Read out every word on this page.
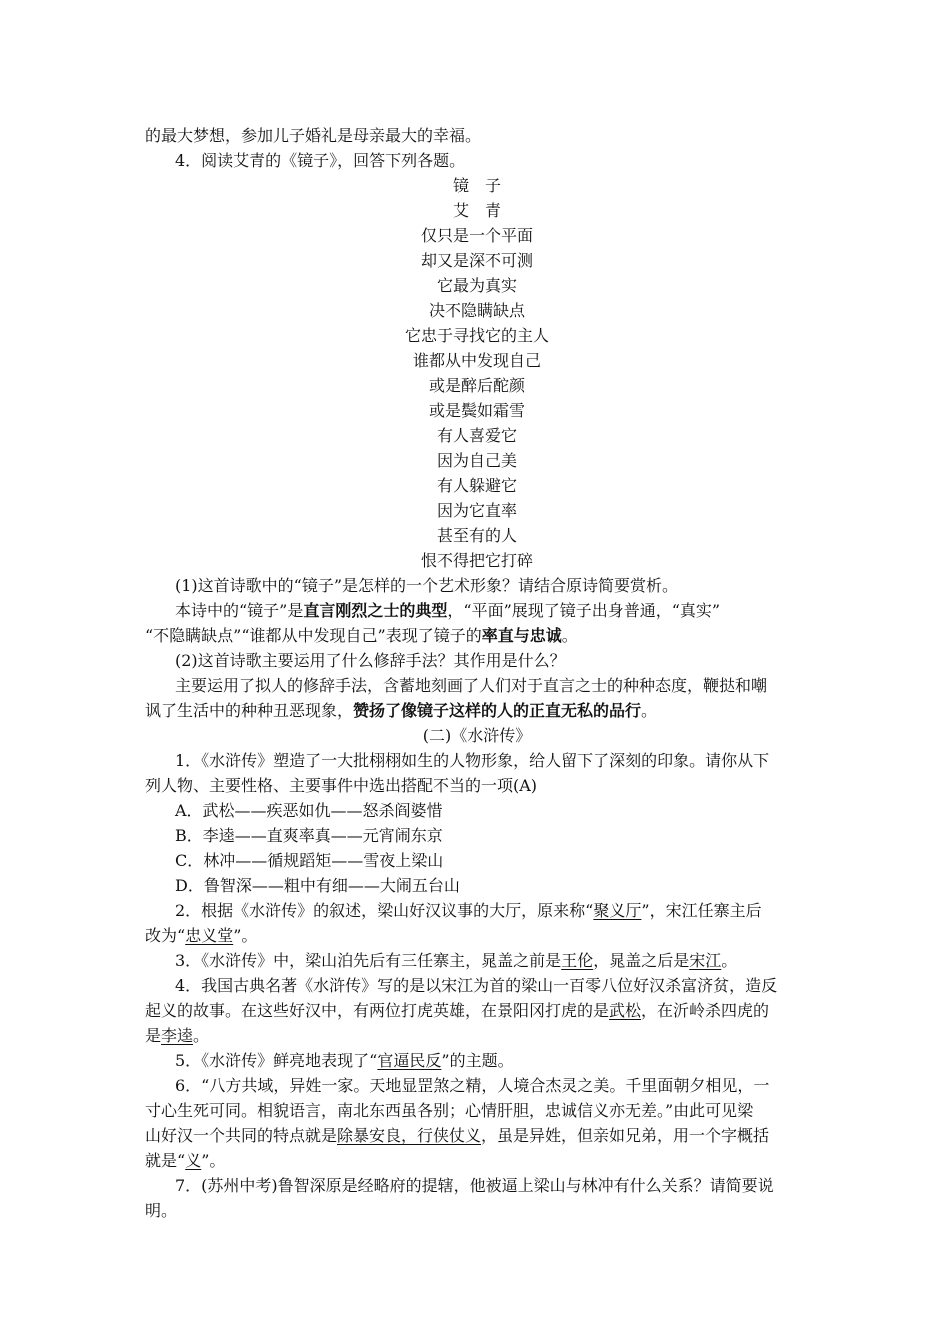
的最大梦想，参加儿子婚礼是母亲最大的幸福。
4．阅读艾青的《镜子》，回答下列各题。
镜　子
艾　青
仅只是一个平面
却又是深不可测
它最为真实
决不隐瞒缺点
它忠于寻找它的主人
谁都从中发现自己
或是醉后酡颜
或是鬓如霜雪
有人喜爱它
因为自己美
有人躲避它
因为它直率
甚至有的人
恨不得把它打碎
(1)这首诗歌中的“镜子”是怎样的一个艺术形象？请结合原诗简要赏析。
本诗中的“镜子”是直言刚烈之士的典型，“平面”展现了镜子出身普通，“真实”
“不隐瞒缺点”“谁都从中发现自己”表现了镜子的率直与忠诚。
(2)这首诗歌主要运用了什么修辞手法？其作用是什么？
主要运用了拟人的修辞手法，含蓄地刻画了人们对于直言之士的种种态度，鞭挞和嘲
讽了生活中的种种丑恶现象，赞扬了像镜子这样的人的正直无私的品行。
(二)《水浒传》
1．《水浒传》塑造了一大批栩栩如生的人物形象，给人留下了深刻的印象。请你从下
列人物、主要性格、主要事件中选出搭配不当的一项(A)
A．武松——疾恶如仇——怒杀阎婆惜
B．李逵——直爽率真——元宵闹东京
C．林冲——循规蹈矩——雪夜上梁山
D．鲁智深——粗中有细——大闹五台山
2．根据《水浒传》的叙述，梁山好汉议事的大厅，原来称“聚义厅”，宋江任寨主后
改为“忠义堂”。
3．《水浒传》中，梁山泊先后有三任寨主，晁盖之前是王伦，晁盖之后是宋江。
4．我国古典名著《水浒传》写的是以宋江为首的梁山一百零八位好汉杀富济贫，造反
起义的故事。在这些好汉中，有两位打虎英雄，在景阳冈打虎的是武松，在沂岭杀四虎的
是李逵。
5．《水浒传》鲜亮地表现了“官逼民反”的主题。
6．“八方共域，异姓一家。天地显罡煞之精，人境合杰灵之美。千里面朝夕相见，一
寸心生死可同。相貌语言，南北东西虽各别；心情肝胆，忠诚信义亦无差。”由此可见梁
山好汉一个共同的特点就是除暴安良，行侠仗义，虽是异姓，但亲如兄弟，用一个字概括
就是“义”。
7．(苏州中考)鲁智深原是经略府的提辖，他被逼上梁山与林冲有什么关系？请简要说
明。
